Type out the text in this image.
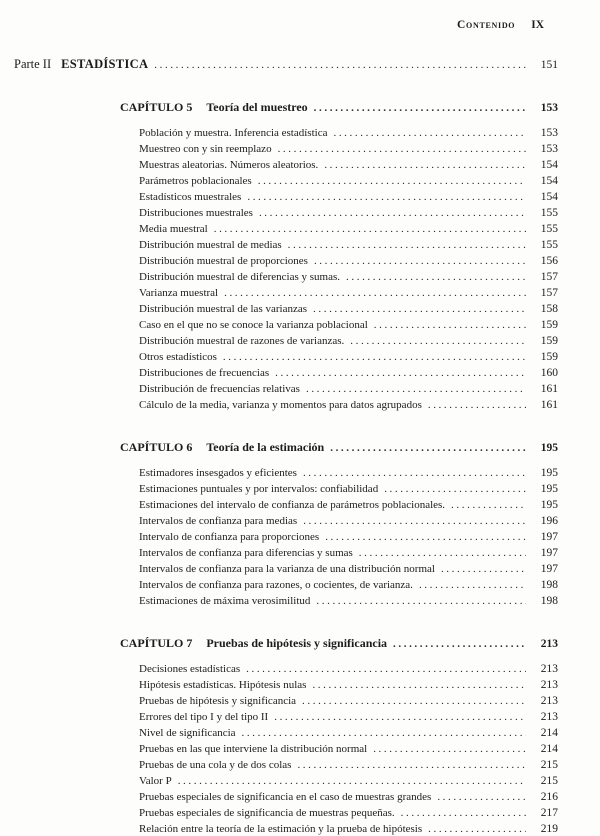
Contenido IX
Parte II ESTADÍSTICA .....	151
CAPÍTULO 5 Teoría del muestreo .....	153
Población y muestra. Inferencia estadística .....	153
Muestreo con y sin reemplazo .....	153
Muestras aleatorias. Números aleatorios. .....	154
Parámetros poblacionales .....	154
Estadísticos muestrales .....	154
Distribuciones muestrales .....	155
Media muestral .....	155
Distribución muestral de medias .....	155
Distribución muestral de proporciones .....	156
Distribución muestral de diferencias y sumas. .....	157
Varianza muestral .....	157
Distribución muestral de las varianzas .....	158
Caso en el que no se conoce la varianza poblacional .....	159
Distribución muestral de razones de varianzas. .....	159
Otros estadísticos .....	159
Distribuciones de frecuencias .....	160
Distribución de frecuencias relativas .....	161
Cálculo de la media, varianza y momentos para datos agrupados .....	161
CAPÍTULO 6 Teoría de la estimación .....	195
Estimadores insesgados y eficientes .....	195
Estimaciones puntuales y por intervalos: confiabilidad .....	195
Estimaciones del intervalo de confianza de parámetros poblacionales. .....	195
Intervalos de confianza para medias .....	196
Intervalo de confianza para proporciones .....	197
Intervalos de confianza para diferencias y sumas .....	197
Intervalos de confianza para la varianza de una distribución normal .....	197
Intervalos de confianza para razones, o cocientes, de varianza. .....	198
Estimaciones de máxima verosimilitud .....	198
CAPÍTULO 7 Pruebas de hipótesis y significancia .....	213
Decisiones estadísticas .....	213
Hipótesis estadísticas. Hipótesis nulas .....	213
Pruebas de hipótesis y significancia .....	213
Errores del tipo I y del tipo II .....	213
Nivel de significancia .....	214
Pruebas en las que interviene la distribución normal .....	214
Pruebas de una cola y de dos colas .....	215
Valor P .....	215
Pruebas especiales de significancia en el caso de muestras grandes .....	216
Pruebas especiales de significancia de muestras pequeñas. .....	217
Relación entre la teoría de la estimación y la prueba de hipótesis .....	219
